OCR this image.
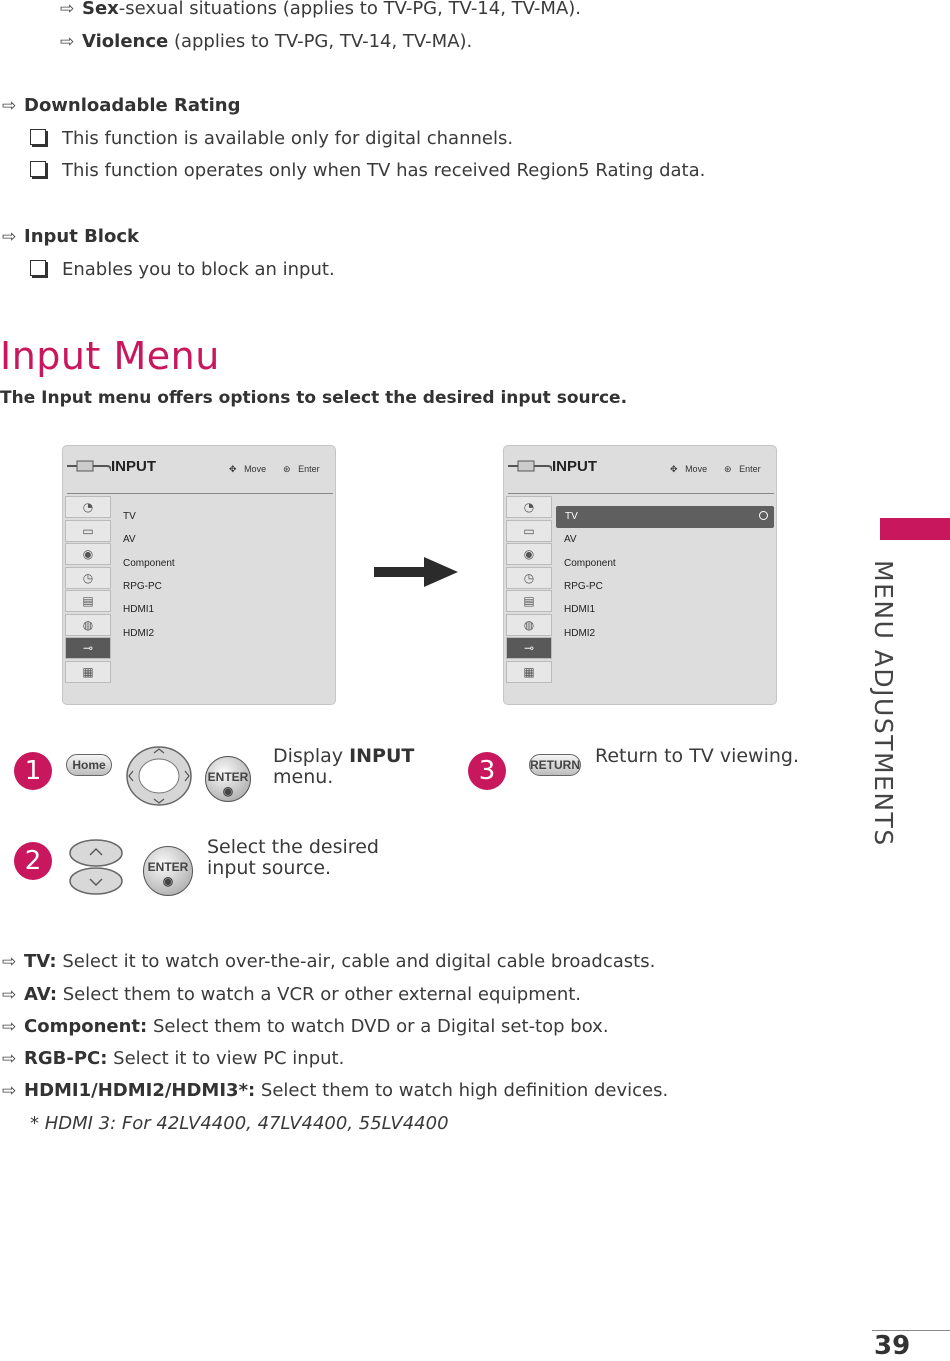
⇨ Sex-sexual situations (applies to TV-PG, TV-14, TV-MA).
⇨ Violence (applies to TV-PG, TV-14, TV-MA).
⇨ Downloadable Rating
This function is available only for digital channels.
This function operates only when TV has received Region5 Rating data.
⇨ Input Block
Enables you to block an input.
Input Menu
The Input menu offers options to select the desired input source.
MENU ADJUSTMENTS
INPUT	✥ Move ⊛ Enter
◔
▭
◉
◷
▤
◍
⊸
▦
TV
AV
Component
RPG-PC
HDMI1
HDMI2
INPUT	✥ Move ⊛ Enter
◔
▭
◉
◷
▤
◍
⊸
▦
TV
AV
Component
RPG-PC
HDMI1
HDMI2
1	Home
ENTER
◉
Display INPUT
menu.	3	RETURN Return to TV viewing.
2	ENTER
◉
Select the desired
input source.
⇨ TV: Select it to watch over-the-air, cable and digital cable broadcasts.
⇨ AV: Select them to watch a VCR or other external equipment.
⇨ Component: Select them to watch DVD or a Digital set-top box.
⇨ RGB-PC: Select it to view PC input.
⇨ HDMI1/HDMI2/HDMI3*: Select them to watch high definition devices.
* HDMI 3: For 42LV4400, 47LV4400, 55LV4400
39
